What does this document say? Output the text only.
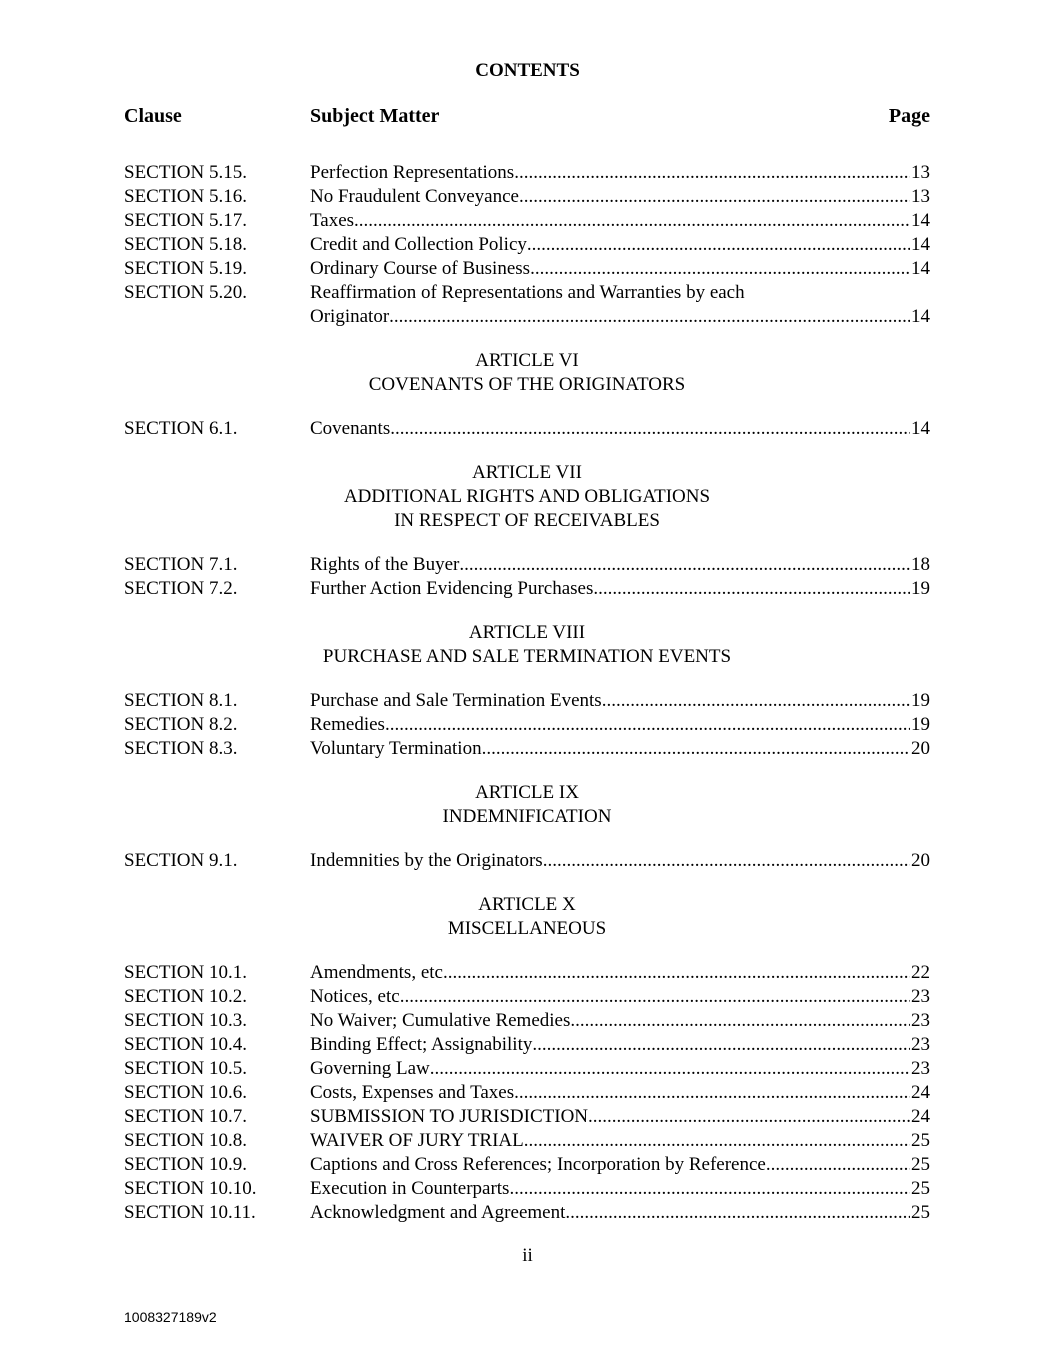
CONTENTS
Clause	Subject Matter	Page
SECTION 5.15.	Perfection Representations .....	13
SECTION 5.16.	No Fraudulent Conveyance .....	13
SECTION 5.17.	Taxes .....	14
SECTION 5.18.	Credit and Collection Policy .....	14
SECTION 5.19.	Ordinary Course of Business .....	14
SECTION 5.20.	Reaffirmation of Representations and Warranties by each
Originator .....	14
ARTICLE VI
COVENANTS OF THE ORIGINATORS
SECTION 6.1.	Covenants .....	14
ARTICLE VII
ADDITIONAL RIGHTS AND OBLIGATIONS
IN RESPECT OF RECEIVABLES
SECTION 7.1.	Rights of the Buyer .....	18
SECTION 7.2.	Further Action Evidencing Purchases .....	19
ARTICLE VIII
PURCHASE AND SALE TERMINATION EVENTS
SECTION 8.1.	Purchase and Sale Termination Events .....	19
SECTION 8.2.	Remedies .....	19
SECTION 8.3.	Voluntary Termination .....	20
ARTICLE IX
INDEMNIFICATION
SECTION 9.1.	Indemnities by the Originators .....	20
ARTICLE X
MISCELLANEOUS
SECTION 10.1.	Amendments, etc .....	22
SECTION 10.2.	Notices, etc .....	23
SECTION 10.3.	No Waiver; Cumulative Remedies .....	23
SECTION 10.4.	Binding Effect; Assignability .....	23
SECTION 10.5.	Governing Law .....	23
SECTION 10.6.	Costs, Expenses and Taxes .....	24
SECTION 10.7.	SUBMISSION TO JURISDICTION .....	24
SECTION 10.8.	WAIVER OF JURY TRIAL .....	25
SECTION 10.9.	Captions and Cross References; Incorporation by Reference .....	25
SECTION 10.10.	Execution in Counterparts .....	25
SECTION 10.11.	Acknowledgment and Agreement .....	25
ii
1008327189v2
